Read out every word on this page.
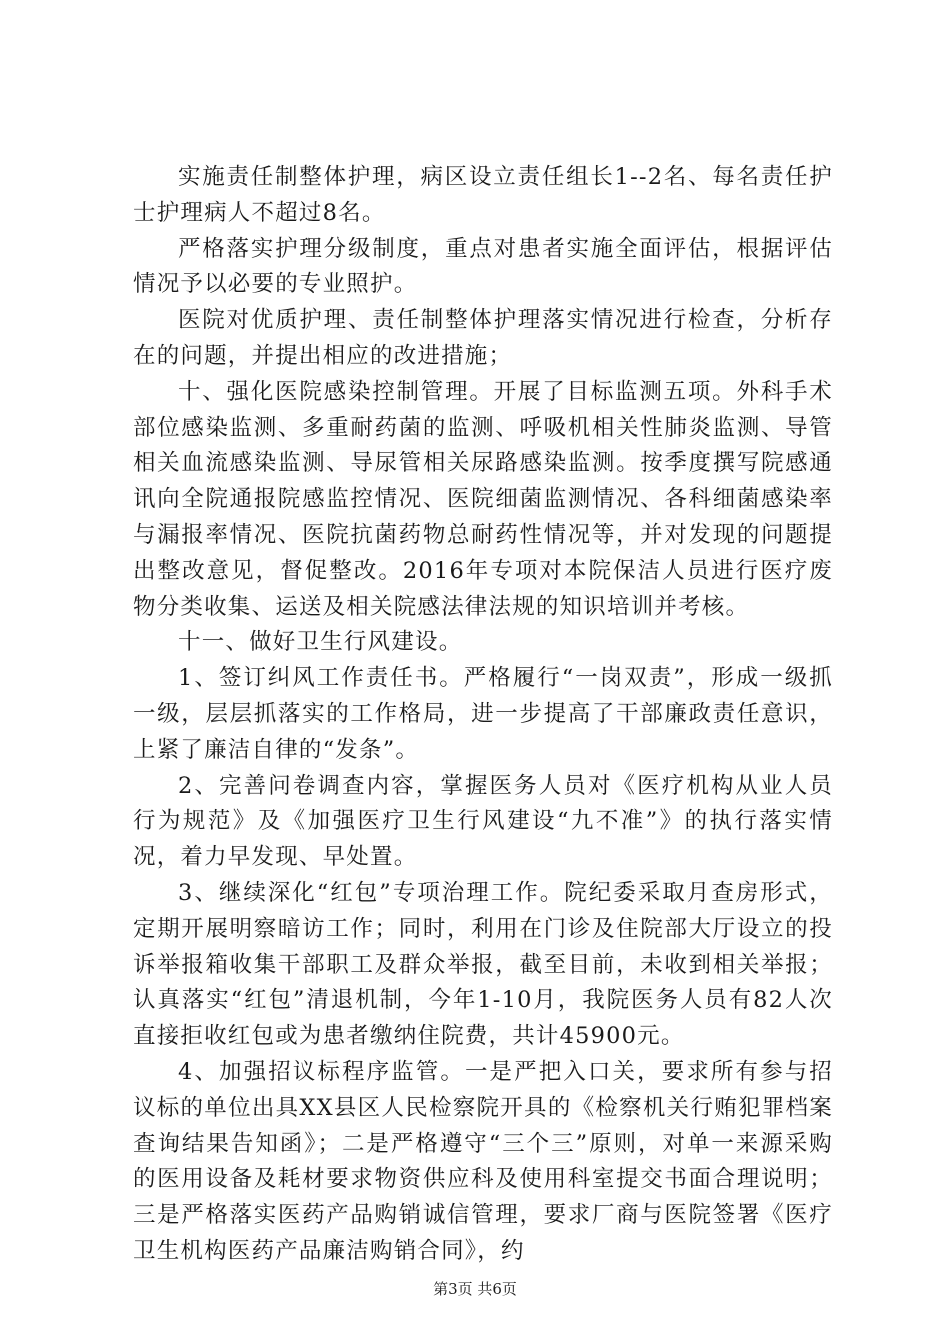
实施责任制整体护理，病区设立责任组长1--2名、每名责任护士护理病人不超过8名。

严格落实护理分级制度，重点对患者实施全面评估，根据评估情况予以必要的专业照护。

医院对优质护理、责任制整体护理落实情况进行检查，分析存在的问题，并提出相应的改进措施；

十、强化医院感染控制管理。开展了目标监测五项。外科手术部位感染监测、多重耐药菌的监测、呼吸机相关性肺炎监测、导管相关血流感染监测、导尿管相关尿路感染监测。按季度撰写院感通讯向全院通报院感监控情况、医院细菌监测情况、各科细菌感染率与漏报率情况、医院抗菌药物总耐药性情况等，并对发现的问题提出整改意见，督促整改。2016年专项对本院保洁人员进行医疗废物分类收集、运送及相关院感法律法规的知识培训并考核。

十一、做好卫生行风建设。

1、签订纠风工作责任书。严格履行“一岗双责”，形成一级抓一级，层层抓落实的工作格局，进一步提高了干部廉政责任意识，上紧了廉洁自律的“发条”。

2、完善问卷调查内容，掌握医务人员对《医疗机构从业人员行为规范》及《加强医疗卫生行风建设“九不准”》的执行落实情况，着力早发现、早处置。

3、继续深化“红包”专项治理工作。院纪委采取月查房形式，定期开展明察暗访工作；同时，利用在门诊及住院部大厅设立的投诉举报箱收集干部职工及群众举报，截至目前，未收到相关举报；认真落实“红包”清退机制，今年1-10月，我院医务人员有82人次直接拒收红包或为患者缴纳住院费，共计45900元。

4、加强招议标程序监管。一是严把入口关，要求所有参与招议标的单位出具XX县区人民检察院开具的《检察机关行贿犯罪档案查询结果告知函》；二是严格遵守“三个三”原则，对单一来源采购的医用设备及耗材要求物资供应科及使用科室提交书面合理说明；三是严格落实医药产品购销诚信管理，要求厂商与医院签署《医疗卫生机构医药产品廉洁购销合同》，约

第3页 共6页
